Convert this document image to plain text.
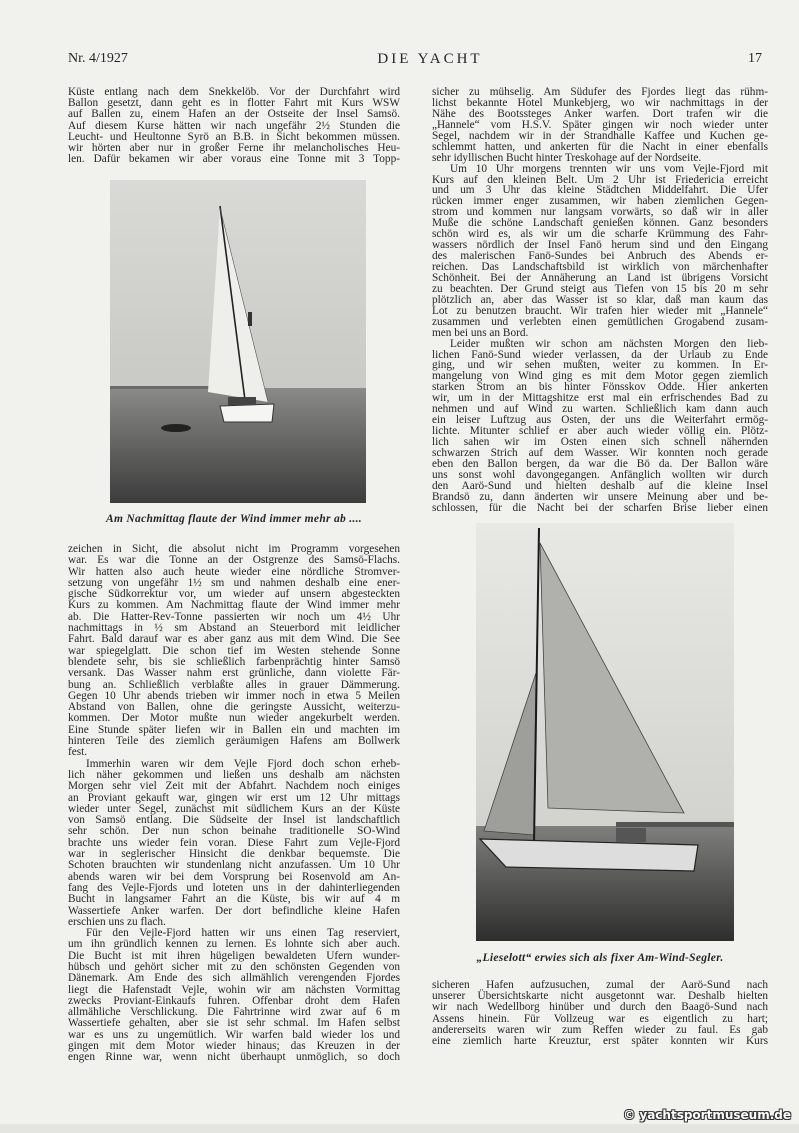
Nr. 4/1927	DIE YACHT	17
Küste entlang nach dem Snekkelöb. Vor der Durchfahrt wird
Ballon gesetzt, dann geht es in flotter Fahrt mit Kurs WSW
auf Ballen zu, einem Hafen an der Ostseite der Insel Samsö.
Auf diesem Kurse hätten wir nach ungefähr 2½ Stunden die
Leucht- und Heultonne Syrö an B.B. in Sicht bekommen müssen.
wir hörten aber nur in großer Ferne ihr melancholisches Heu-
len. Dafür bekamen wir aber voraus eine Tonne mit 3 Topp-
Am Nachmittag flaute der Wind immer mehr ab ....
sicher zu mühselig. Am Südufer des Fjordes liegt das rühm-
lichst bekannte Hotel Munkebjerg, wo wir nachmittags in der
Nähe des Bootssteges Anker warfen. Dort trafen wir die
„Hannele“ vom H.S.V. Später gingen wir noch wieder unter
Segel, nachdem wir in der Strandhalle Kaffee und Kuchen ge-
schlemmt hatten, und ankerten für die Nacht in einer ebenfalls
sehr idyllischen Bucht hinter Treskohage auf der Nordseite.
Um 10 Uhr morgens trennten wir uns vom Vejle-Fjord mit
Kurs auf den kleinen Belt. Um 2 Uhr ist Friedericia erreicht
und um 3 Uhr das kleine Städtchen Middelfahrt. Die Ufer
rücken immer enger zusammen, wir haben ziemlichen Gegen-
strom und kommen nur langsam vorwärts, so daß wir in aller
Muße die schöne Landschaft genießen können. Ganz besonders
schön wird es, als wir um die scharfe Krümmung des Fahr-
wassers nördlich der Insel Fanö herum sind und den Eingang
des malerischen Fanö-Sundes bei Anbruch des Abends er-
reichen. Das Landschaftsbild ist wirklich von märchenhafter
Schönheit. Bei der Annäherung an Land ist übrigens Vorsicht
zu beachten. Der Grund steigt aus Tiefen von 15 bis 20 m sehr
plötzlich an, aber das Wasser ist so klar, daß man kaum das
Lot zu benutzen braucht. Wir trafen hier wieder mit „Hannele“
zusammen und verlebten einen gemütlichen Grogabend zusam-
men bei uns an Bord.
Leider mußten wir schon am nächsten Morgen den lieb-
lichen Fanö-Sund wieder verlassen, da der Urlaub zu Ende
ging, und wir sehen mußten, weiter zu kommen. In Er-
mangelung von Wind ging es mit dem Motor gegen ziemlich
starken Strom an bis hinter Fönsskov Odde. Hier ankerten
wir, um in der Mittagshitze erst mal ein erfrischendes Bad zu
nehmen und auf Wind zu warten. Schließlich kam dann auch
ein leiser Luftzug aus Osten, der uns die Weiterfahrt ermög-
lichte. Mitunter schlief er aber auch wieder völlig ein. Plötz-
lich sahen wir im Osten einen sich schnell nähernden
schwarzen Strich auf dem Wasser. Wir konnten noch gerade
eben den Ballon bergen, da war die Bö da. Der Ballon wäre
uns sonst wohl davongegangen. Anfänglich wollten wir durch
den Aarö-Sund und hielten deshalb auf die kleine Insel
Brandsö zu, dann änderten wir unsere Meinung aber und be-
schlossen, für die Nacht bei der scharfen Brise lieber einen
zeichen in Sicht, die absolut nicht im Programm vorgesehen
war. Es war die Tonne an der Ostgrenze des Samsö-Flachs.
Wir hatten also auch heute wieder eine nördliche Stromver-
setzung von ungefähr 1½ sm und nahmen deshalb eine ener-
gische Südkorrektur vor, um wieder auf unsern abgesteckten
Kurs zu kommen. Am Nachmittag flaute der Wind immer mehr
ab. Die Hatter-Rev-Tonne passierten wir noch um 4½ Uhr
nachmittags in ½ sm Abstand an Steuerbord mit leidlicher
Fahrt. Bald darauf war es aber ganz aus mit dem Wind. Die See
war spiegelglatt. Die schon tief im Westen stehende Sonne
blendete sehr, bis sie schließlich farbenprächtig hinter Samsö
versank. Das Wasser nahm erst grünliche, dann violette Fär-
bung an. Schließlich verblaßte alles in grauer Dämmerung.
Gegen 10 Uhr abends trieben wir immer noch in etwa 5 Meilen
Abstand von Ballen, ohne die geringste Aussicht, weiterzu-
kommen. Der Motor mußte nun wieder angekurbelt werden.
Eine Stunde später liefen wir in Ballen ein und machten im
hinteren Teile des ziemlich geräumigen Hafens am Bollwerk
fest.
Immerhin waren wir dem Vejle Fjord doch schon erheb-
lich näher gekommen und ließen uns deshalb am nächsten
Morgen sehr viel Zeit mit der Abfahrt. Nachdem noch einiges
an Proviant gekauft war, gingen wir erst um 12 Uhr mittags
wieder unter Segel, zunächst mit südlichem Kurs an der Küste
von Samsö entlang. Die Südseite der Insel ist landschaftlich
sehr schön. Der nun schon beinahe traditionelle SO-Wind
brachte uns wieder fein voran. Diese Fahrt zum Vejle-Fjord
war in seglerischer Hinsicht die denkbar bequemste. Die
Schoten brauchten wir stundenlang nicht anzufassen. Um 10 Uhr
abends waren wir bei dem Vorsprung bei Rosenvold am An-
fang des Vejle-Fjords und loteten uns in der dahinterliegenden
Bucht in langsamer Fahrt an die Küste, bis wir auf 4 m
Wassertiefe Anker warfen. Der dort befindliche kleine Hafen
erschien uns zu flach.
Für den Vejle-Fjord hatten wir uns einen Tag reserviert,
um ihn gründlich kennen zu lernen. Es lohnte sich aber auch.
Die Bucht ist mit ihren hügeligen bewaldeten Ufern wunder-
hübsch und gehört sicher mit zu den schönsten Gegenden von
Dänemark. Am Ende des sich allmählich verengenden Fjordes
liegt die Hafenstadt Vejle, wohin wir am nächsten Vormittag
zwecks Proviant-Einkaufs fuhren. Offenbar droht dem Hafen
allmähliche Verschlickung. Die Fahrtrinne wird zwar auf 6 m
Wassertiefe gehalten, aber sie ist sehr schmal. Im Hafen selbst
war es uns zu ungemütlich. Wir warfen bald wieder los und
gingen mit dem Motor wieder hinaus; das Kreuzen in der
engen Rinne war, wenn nicht überhaupt unmöglich, so doch
„Lieselott“ erwies sich als fixer Am-Wind-Segler.
sicheren Hafen aufzusuchen, zumal der Aarö-Sund nach
unserer Übersichtskarte nicht ausgetonnt war. Deshalb hielten
wir nach Wedellborg hinüber und durch den Baagö-Sund nach
Assens hinein. Für Vollzeug war es eigentlich zu hart;
andererseits waren wir zum Reffen wieder zu faul. Es gab
eine ziemlich harte Kreuztur, erst später konnten wir Kurs
© yachtsportmuseum.de
